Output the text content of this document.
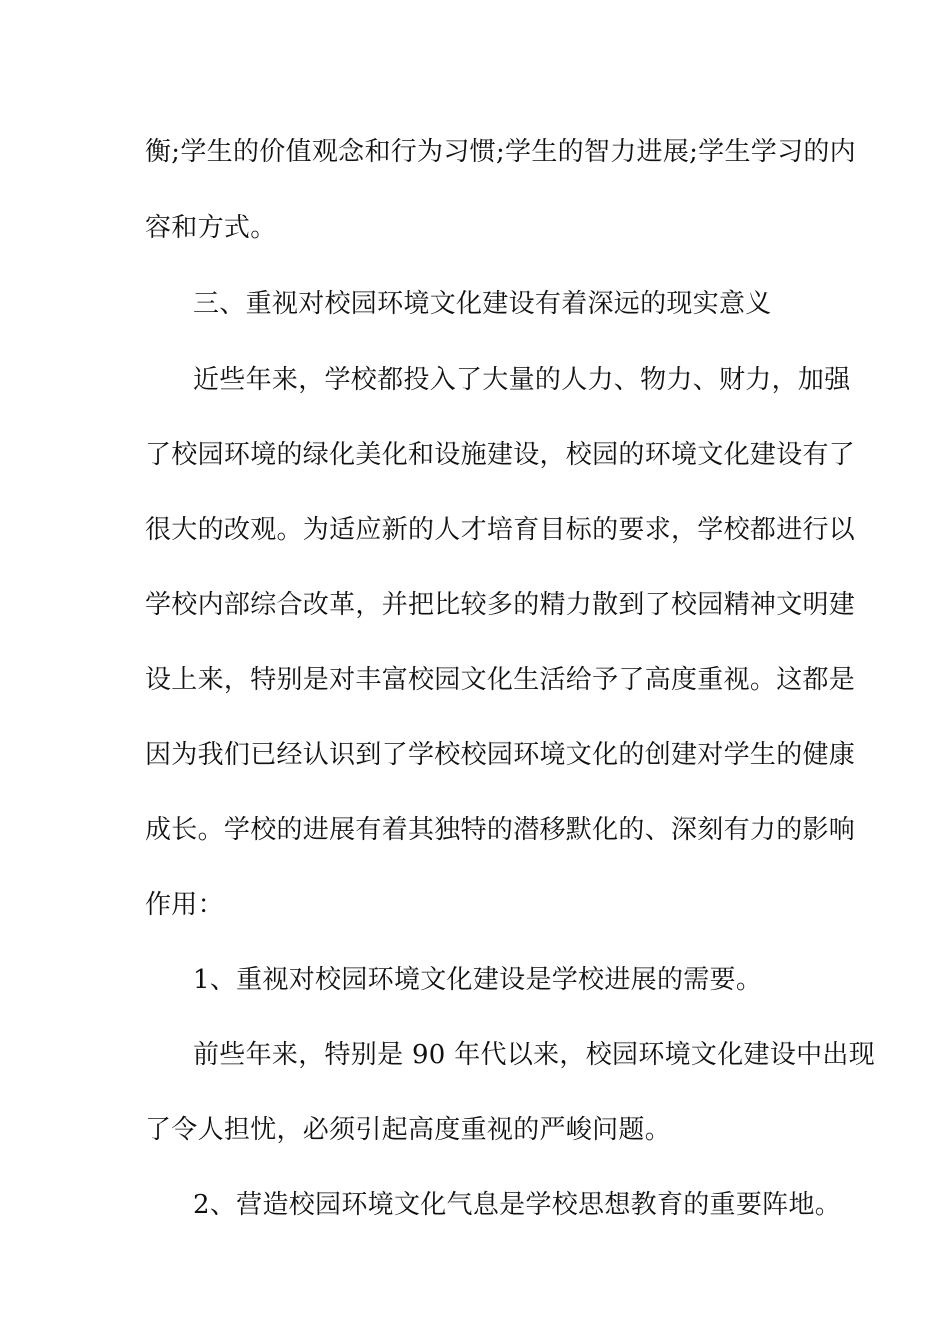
衡;学生的价值观念和行为习惯;学生的智力进展;学生学习的内
容和方式。
三、重视对校园环境文化建设有着深远的现实意义
近些年来，学校都投入了大量的人力、物力、财力，加强
了校园环境的绿化美化和设施建设，校园的环境文化建设有了
很大的改观。为适应新的人才培育目标的要求，学校都进行以
学校内部综合改革，并把比较多的精力散到了校园精神文明建
设上来，特别是对丰富校园文化生活给予了高度重视。这都是
因为我们已经认识到了学校校园环境文化的创建对学生的健康
成长。学校的进展有着其独特的潜移默化的、深刻有力的影响
作用：
1、重视对校园环境文化建设是学校进展的需要。
前些年来，特别是 90 年代以来，校园环境文化建设中出现
了令人担忧，必须引起高度重视的严峻问题。
2、营造校园环境文化气息是学校思想教育的重要阵地。
